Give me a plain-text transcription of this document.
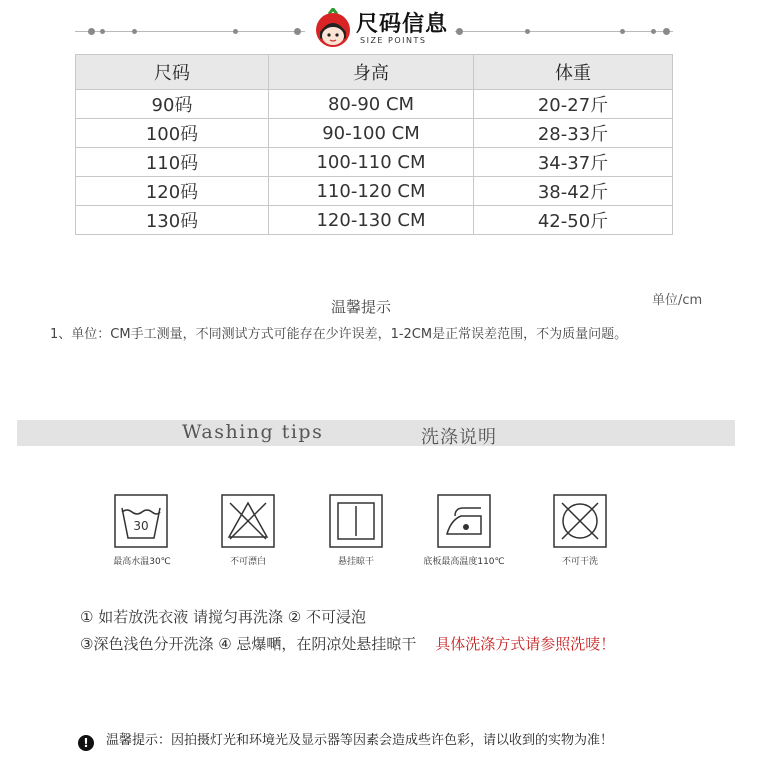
尺码信息
SIZE POINTS
尺码	身高	体重
90码	80-90 CM	20-27斤
100码	90-100 CM	28-33斤
110码	100-110 CM	34-37斤
120码	110-120 CM	38-42斤
130码	120-130 CM	42-50斤
温馨提示	单位/cm
1、单位：CM手工测量，不同测试方式可能存在少许误差，1-2CM是正常误差范围，不为质量问题。
Washing tips	洗涤说明
30
最高水温30℃	不可漂白	悬挂晾干	底板最高温度110℃	不可干洗
① 如若放洗衣液 请搅匀再洗涤 ② 不可浸泡
③深色浅色分开洗涤 ④ 忌爆嗮，在阴凉处悬挂晾干 具体洗涤方式请参照洗唛！
! 温馨提示：因拍摄灯光和环境光及显示器等因素会造成些许色彩，请以收到的实物为准！
